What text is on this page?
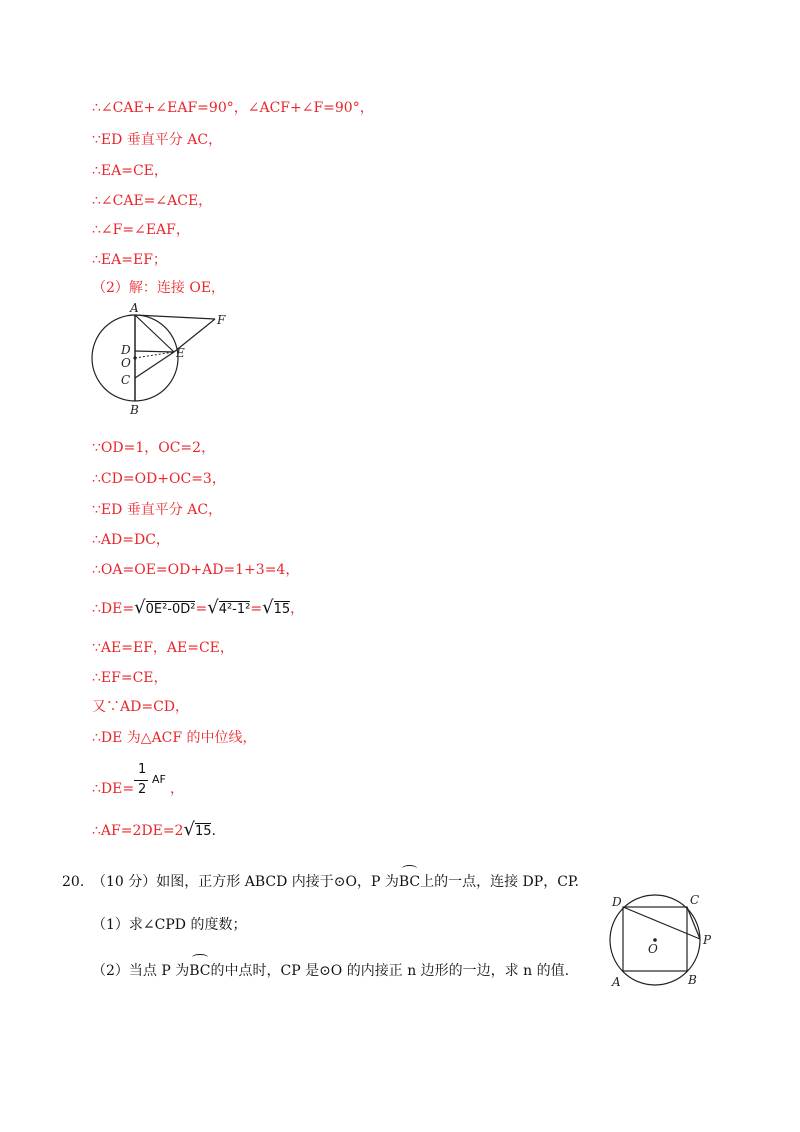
∴∠CAE+∠EAF=90°，∠ACF+∠F=90°，
∵ED 垂直平分 AC，
∴EA=CE，
∴∠CAE=∠ACE，
∴∠F=∠EAF，
∴EA=EF；
（2）解：连接 OE，
A
F
D	E
O
C
B
∵OD=1，OC=2，
∴CD=OD+OC=3，
∵ED 垂直平分 AC，
∴AD=DC，
∴OA=OE=OD+AD=1+3=4，
∴DE=√0E²-0D²=√4²-1²=√15，
∵AE=EF，AE=CE，
∴EF=CE，
又∵AD=CD，
∴DE 为△ACF 的中位线，
∴DE=
1
2
AF
，
∴AF=2DE=2√15.
20. （10 分）如图，正方形 ABCD 内接于⊙O，P 为BC上的一点，连接 DP，CP.
（1）求∠CPD 的度数；
（2）当点 P 为BC的中点时，CP 是⊙O 的内接正 n 边形的一边，求 n 的值.
D	C
P
O
A	B
